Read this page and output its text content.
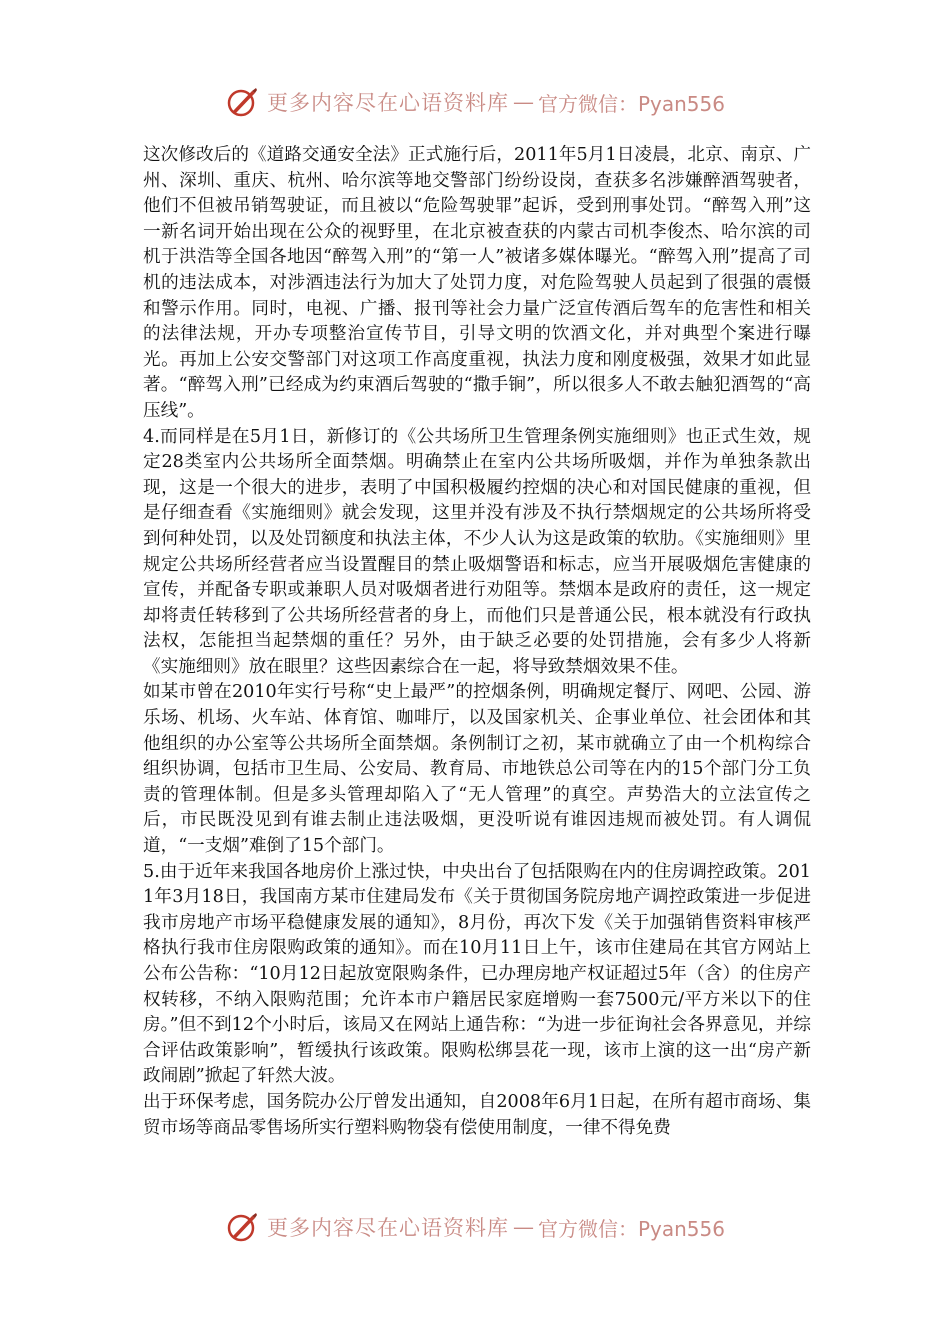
更多内容尽在心语资料库 — 官方微信：Pyan556

这次修改后的《道路交通安全法》正式施行后，2011年5月1日凌晨，北京、南京、广州、深圳、重庆、杭州、哈尔滨等地交警部门纷纷设岗，查获多名涉嫌醉酒驾驶者，他们不但被吊销驾驶证，而且被以“危险驾驶罪”起诉，受到刑事处罚。“醉驾入刑”这一新名词开始出现在公众的视野里，在北京被查获的内蒙古司机李俊杰、哈尔滨的司机于洪浩等全国各地因“醉驾入刑”的“第一人”被诸多媒体曝光。“醉驾入刑”提高了司机的违法成本，对涉酒违法行为加大了处罚力度，对危险驾驶人员起到了很强的震慑和警示作用。同时，电视、广播、报刊等社会力量广泛宣传酒后驾车的危害性和相关的法律法规，开办专项整治宣传节目，引导文明的饮酒文化，并对典型个案进行曝光。再加上公安交警部门对这项工作高度重视，执法力度和刚度极强，效果才如此显著。“醉驾入刑”已经成为约束酒后驾驶的“撒手锏”，所以很多人不敢去触犯酒驾的“高压线”。

4.而同样是在5月1日，新修订的《公共场所卫生管理条例实施细则》也正式生效，规定28类室内公共场所全面禁烟。明确禁止在室内公共场所吸烟，并作为单独条款出现，这是一个很大的进步，表明了中国积极履约控烟的决心和对国民健康的重视，但是仔细查看《实施细则》就会发现，这里并没有涉及不执行禁烟规定的公共场所将受到何种处罚，以及处罚额度和执法主体，不少人认为这是政策的软肋。《实施细则》里规定公共场所经营者应当设置醒目的禁止吸烟警语和标志，应当开展吸烟危害健康的宣传，并配备专职或兼职人员对吸烟者进行劝阻等。禁烟本是政府的责任，这一规定却将责任转移到了公共场所经营者的身上，而他们只是普通公民，根本就没有行政执法权，怎能担当起禁烟的重任？另外，由于缺乏必要的处罚措施，会有多少人将新《实施细则》放在眼里？这些因素综合在一起，将导致禁烟效果不佳。

如某市曾在2010年实行号称“史上最严”的控烟条例，明确规定餐厅、网吧、公园、游乐场、机场、火车站、体育馆、咖啡厅，以及国家机关、企事业单位、社会团体和其他组织的办公室等公共场所全面禁烟。条例制订之初，某市就确立了由一个机构综合组织协调，包括市卫生局、公安局、教育局、市地铁总公司等在内的15个部门分工负责的管理体制。但是多头管理却陷入了“无人管理”的真空。声势浩大的立法宣传之后，市民既没见到有谁去制止违法吸烟，更没听说有谁因违规而被处罚。有人调侃道，“一支烟”难倒了15个部门。

5.由于近年来我国各地房价上涨过快，中央出台了包括限购在内的住房调控政策。2011年3月18日，我国南方某市住建局发布《关于贯彻国务院房地产调控政策进一步促进我市房地产市场平稳健康发展的通知》，8月份，再次下发《关于加强销售资料审核严格执行我市住房限购政策的通知》。而在10月11日上午，该市住建局在其官方网站上公布公告称：“10月12日起放宽限购条件，已办理房地产权证超过5年（含）的住房产权转移，不纳入限购范围；允许本市户籍居民家庭增购一套7500元/平方米以下的住房。”但不到12个小时后，该局又在网站上通告称：“为进一步征询社会各界意见，并综合评估政策影响”，暂缓执行该政策。限购松绑昙花一现，该市上演的这一出“房产新政闹剧”掀起了轩然大波。

出于环保考虑，国务院办公厅曾发出通知，自2008年6月1日起，在所有超市商场、集贸市场等商品零售场所实行塑料购物袋有偿使用制度，一律不得免费

更多内容尽在心语资料库 — 官方微信：Pyan556
